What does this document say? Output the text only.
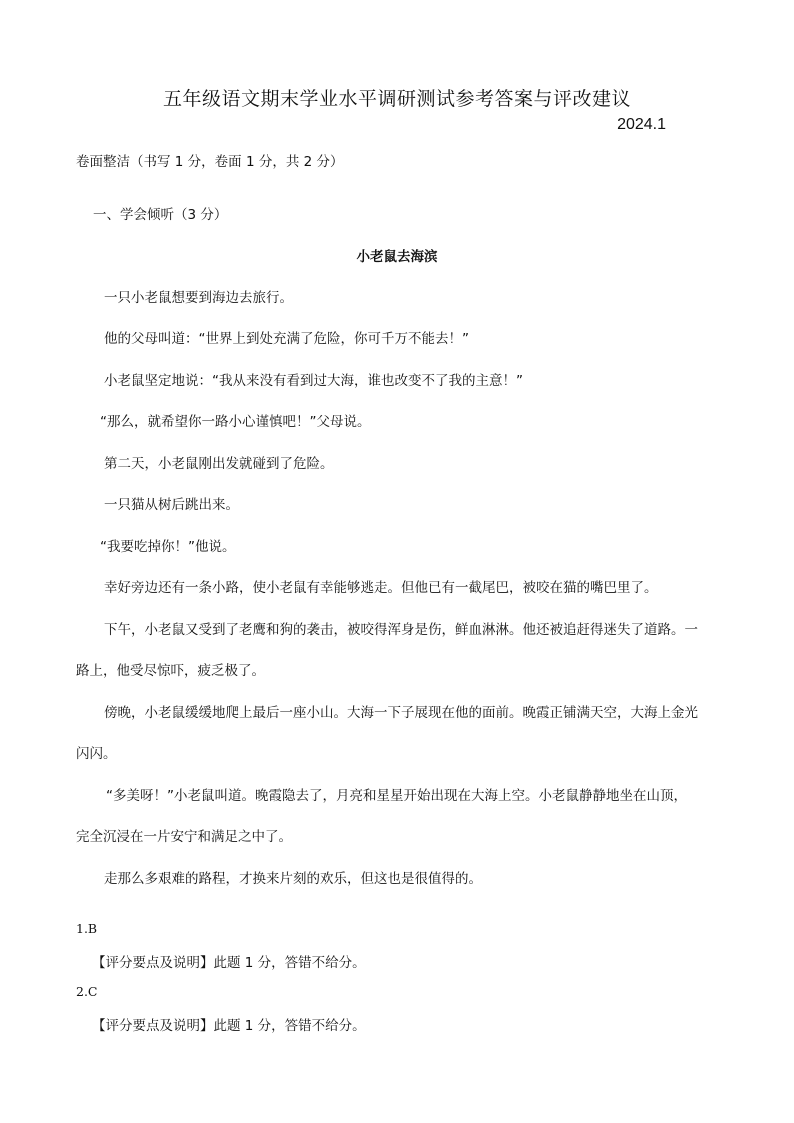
五年级语文期末学业水平调研测试参考答案与评改建议
2024.1
卷面整洁（书写 1 分，卷面 1 分，共 2 分）
一、学会倾听（3 分）
小老鼠去海滨
一只小老鼠想要到海边去旅行。
他的父母叫道：“世界上到处充满了危险，你可千万不能去！”
小老鼠坚定地说：“我从来没有看到过大海，谁也改变不了我的主意！”
“那么，就希望你一路小心谨慎吧！”父母说。
第二天，小老鼠刚出发就碰到了危险。
一只猫从树后跳出来。
“我要吃掉你！”他说。
幸好旁边还有一条小路，使小老鼠有幸能够逃走。但他已有一截尾巴，被咬在猫的嘴巴里了。
下午，小老鼠又受到了老鹰和狗的袭击，被咬得浑身是伤，鲜血淋淋。他还被追赶得迷失了道路。一
路上，他受尽惊吓，疲乏极了。
傍晚，小老鼠缓缓地爬上最后一座小山。大海一下子展现在他的面前。晚霞正铺满天空，大海上金光
闪闪。
“多美呀！”小老鼠叫道。晚霞隐去了，月亮和星星开始出现在大海上空。小老鼠静静地坐在山顶，
完全沉浸在一片安宁和满足之中了。
走那么多艰难的路程，才换来片刻的欢乐，但这也是很值得的。
1.B
【评分要点及说明】此题 1 分，答错不给分。
2.C
【评分要点及说明】此题 1 分，答错不给分。
